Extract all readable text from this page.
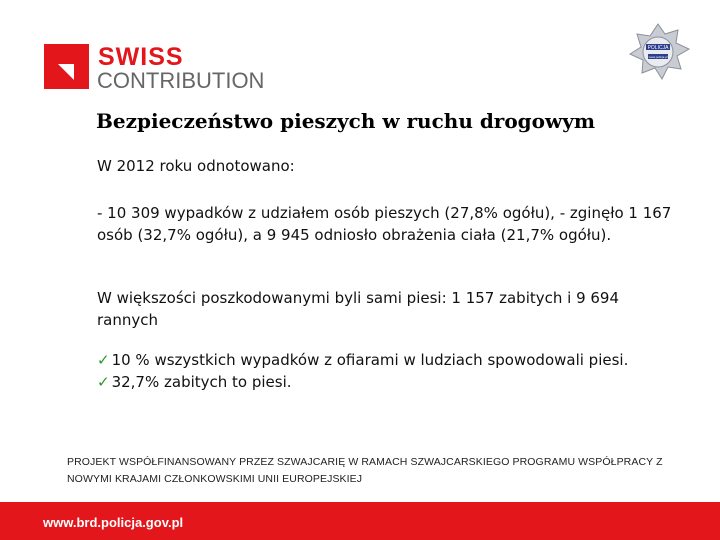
SWISS
CONTRIBUTION
POLICJA
www.policja.pl
Bezpieczeństwo pieszych w ruchu drogowym
W 2012 roku odnotowano:
- 10 309 wypadków z udziałem osób pieszych (27,8% ogółu), - zginęło 1 167 osób (32,7% ogółu), a 9 945 odniosło obrażenia ciała (21,7% ogółu).
W większości poszkodowanymi byli sami piesi: 1 157 zabitych i 9 694 rannych
✓ 10 % wszystkich wypadków z ofiarami w ludziach spowodowali piesi.
✓ 32,7% zabitych to piesi.
PROJEKT WSPÓŁFINANSOWANY PRZEZ SZWAJCARIĘ W RAMACH SZWAJCARSKIEGO PROGRAMU WSPÓŁPRACY Z NOWYMI KRAJAMI CZŁONKOWSKIMI UNII EUROPEJSKIEJ
www.brd.policja.gov.pl
